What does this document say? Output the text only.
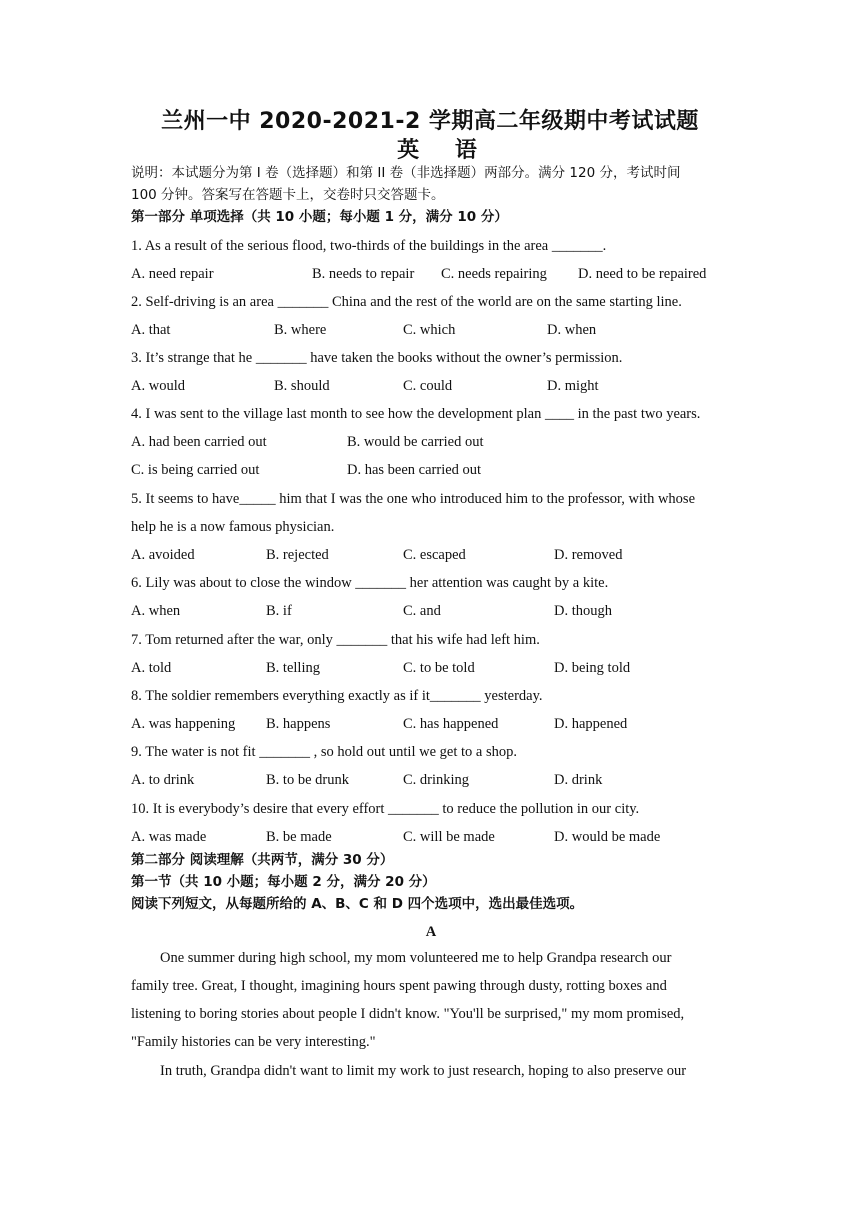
兰州一中 2020-2021-2 学期高二年级期中考试试题
英 语
说明：本试题分为第 I 卷（选择题）和第 II 卷（非选择题）两部分。满分 120 分，考试时间
100 分钟。答案写在答题卡上，交卷时只交答题卡。
第一部分 单项选择（共 10 小题；每小题 1 分，满分 10 分）
1. As a result of the serious flood, two-thirds of the buildings in the area _______.
A. need repair	B. needs to repair C. needs repairing D. need to be repaired
2. Self-driving is an area _______ China and the rest of the world are on the same starting line.
A. that	B. where	C. which	D. when
3. It’s strange that he _______ have taken the books without the owner’s permission.
A. would	B. should	C. could	D. might
4. I was sent to the village last month to see how the development plan ____ in the past two years.
A. had been carried out	B. would be carried out
C. is being carried out	D. has been carried out
5. It seems to have_____ him that I was the one who introduced him to the professor, with whose
help he is a now famous physician.
A. avoided	B. rejected	C. escaped	D. removed
6. Lily was about to close the window _______ her attention was caught by a kite.
A. when	B. if	C. and	D. though
7. Tom returned after the war, only _______ that his wife had left him.
A. told	B. telling	C. to be told	D. being told
8. The soldier remembers everything exactly as if it_______ yesterday.
A. was happening B. happens	C. has happened	D. happened
9. The water is not fit _______ , so hold out until we get to a shop.
A. to drink	B. to be drunk	C. drinking	D. drink
10. It is everybody’s desire that every effort _______ to reduce the pollution in our city.
A. was made	B. be made	C. will be made	D. would be made
第二部分 阅读理解（共两节，满分 30 分）
第一节（共 10 小题；每小题 2 分，满分 20 分）
阅读下列短文，从每题所给的 A、B、C 和 D 四个选项中，选出最佳选项。
A
One summer during high school, my mom volunteered me to help Grandpa research our
family tree. Great, I thought, imagining hours spent pawing through dusty, rotting boxes and
listening to boring stories about people I didn't know. "You'll be surprised," my mom promised,
"Family histories can be very interesting."
In truth, Grandpa didn't want to limit my work to just research, hoping to also preserve our
